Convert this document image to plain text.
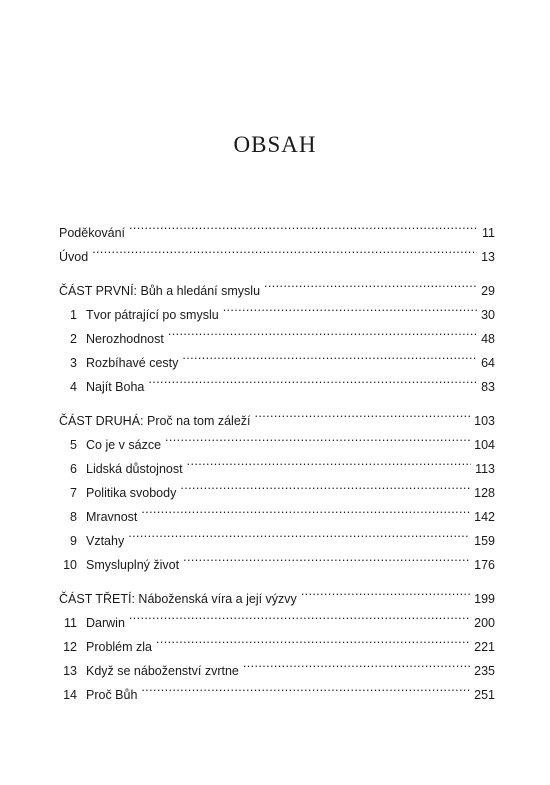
OBSAH
Poděkování .....	11
Úvod .....	13
ČÁST PRVNÍ: Bůh a hledání smyslu .....	29
1 Tvor pátrající po smyslu .....	30
2 Nerozhodnost .....	48
3 Rozbíhavé cesty .....	64
4 Najít Boha .....	83
ČÁST DRUHÁ: Proč na tom záleží .....	103
5 Co je v sázce .....	104
6 Lidská důstojnost .....	113
7 Politika svobody .....	128
8 Mravnost .....	142
9 Vztahy .....	159
10 Smysluplný život .....	176
ČÁST TŘETÍ: Náboženská víra a její výzvy .....	199
11 Darwin .....	200
12 Problém zla .....	221
13 Když se náboženství zvrtne .....	235
14 Proč Bůh .....	251
